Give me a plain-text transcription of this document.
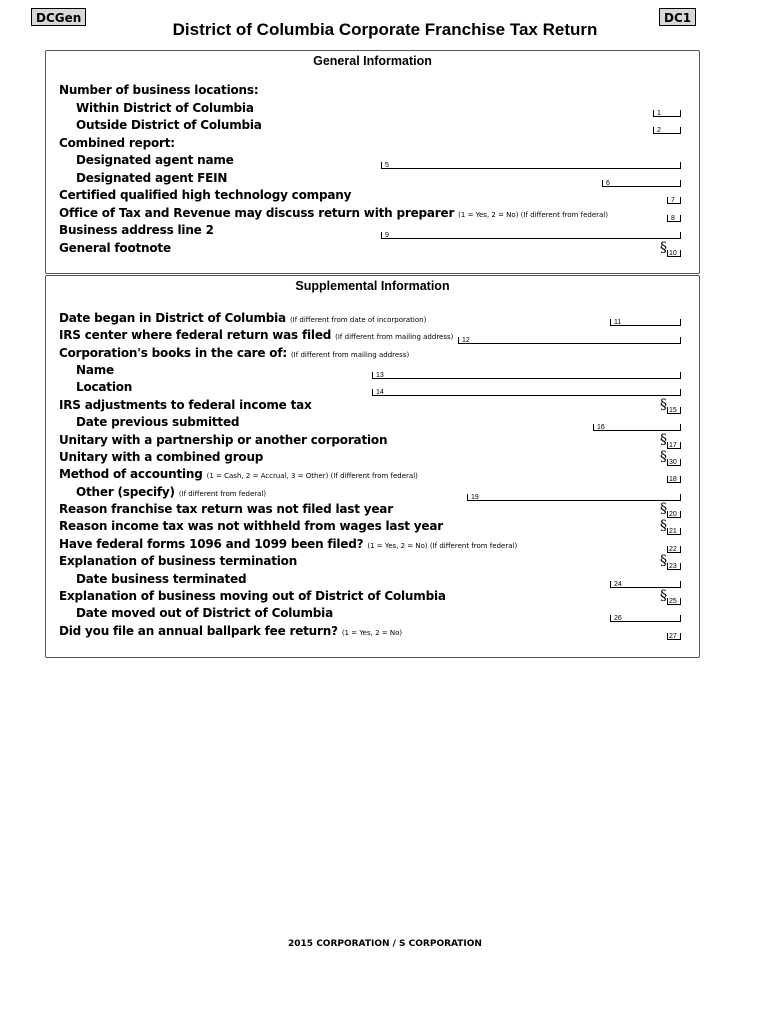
DCGen	DC1
District of Columbia Corporate Franchise Tax Return
General Information
Number of business locations:
Within District of Columbia
Outside District of Columbia
Combined report:
Designated agent name
Designated agent FEIN
Certified qualified high technology company
Office of Tax and Revenue may discuss return with preparer (1 = Yes, 2 = No) (If different from federal)
Business address line 2
General footnote
1
2
5
6
7
8
9
§ 10
Supplemental Information
Date began in District of Columbia (If different from date of incorporation)
IRS center where federal return was filed (If different from mailing address)
Corporation's books in the care of: (If different from mailing address)
Name
Location
IRS adjustments to federal income tax
Date previous submitted
Unitary with a partnership or another corporation
Unitary with a combined group
Method of accounting (1 = Cash, 2 = Accrual, 3 = Other) (If different from federal)
Other (specify) (If different from federal)
Reason franchise tax return was not filed last year
Reason income tax was not withheld from wages last year
Have federal forms 1096 and 1099 been filed? (1 = Yes, 2 = No) (If different from federal)
Explanation of business termination
Date business terminated
Explanation of business moving out of District of Columbia
Date moved out of District of Columbia
Did you file an annual ballpark fee return? (1 = Yes, 2 = No)
11
12
13
14
§ 15
16
§ 17
§ 30
18
19
§ 20
§ 21
22
§ 23
24
§ 25
26
27
2015 CORPORATION / S CORPORATION
